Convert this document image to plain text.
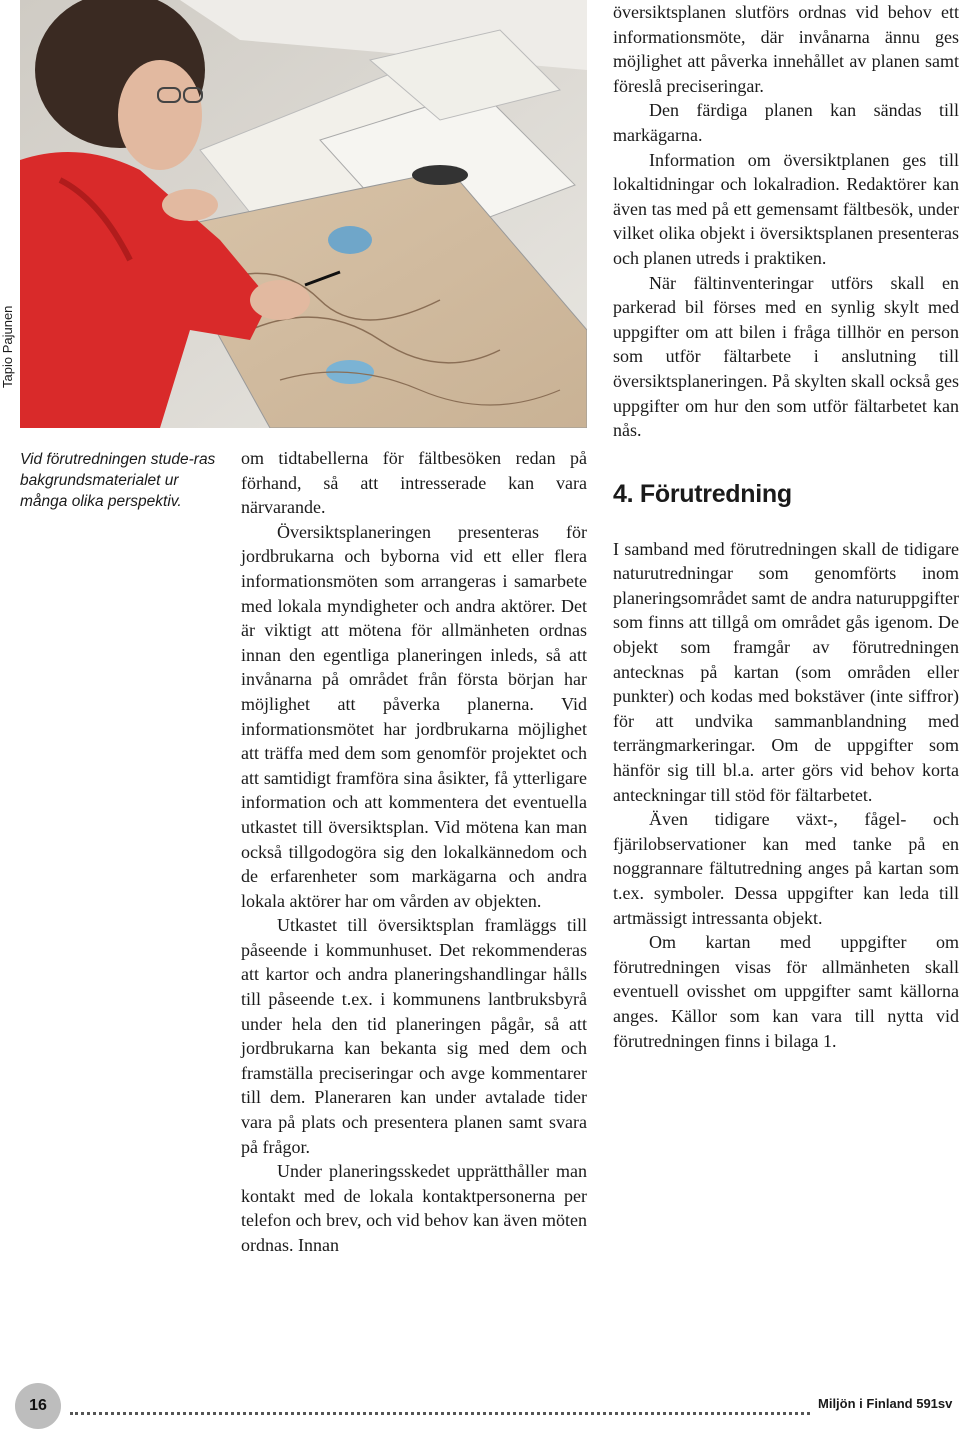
Tapio Pajunen
Vid förutredningen stude-ras bakgrundsmaterialet ur många olika perspektiv.

om tidtabellerna för fältbesöken redan på förhand, så att intresserade kan vara närvarande.

Översiktsplaneringen presenteras för jordbrukarna och byborna vid ett eller flera informationsmöten som arrangeras i samarbete med lokala myndigheter och andra aktörer. Det är viktigt att mötena för allmänheten ordnas innan den egentliga planeringen inleds, så att invånarna på området från första början har möjlighet att påverka planerna. Vid informationsmötet har jordbrukarna möjlighet att träffa med dem som genomför projektet och att samtidigt framföra sina åsikter, få ytterligare information och att kommentera det eventuella utkastet till översiktsplan. Vid mötena kan man också tillgodogöra sig den lokalkännedom och de erfarenheter som markägarna och andra lokala aktörer har om vården av objekten.

Utkastet till översiktsplan framläggs till påseende i kommunhuset. Det rekommenderas att kartor och andra planeringshandlingar hålls till påseende t.ex. i kommunens lantbruksbyrå under hela den tid planeringen pågår, så att jordbrukarna kan bekanta sig med dem och framställa preciseringar och avge kommentarer till dem. Planeraren kan under avtalade tider vara på plats och presentera planen samt svara på frågor.

Under planeringsskedet upprätthåller man kontakt med de lokala kontaktpersonerna per telefon och brev, och vid behov kan även möten ordnas. Innan

översiktsplanen slutförs ordnas vid behov ett informationsmöte, där invånarna ännu ges möjlighet att påverka innehållet av planen samt föreslå preciseringar.

Den färdiga planen kan sändas till markägarna.

Information om översiktplanen ges till lokaltidningar och lokalradion. Redaktörer kan även tas med på ett gemensamt fältbesök, under vilket olika objekt i översiktsplanen presenteras och planen utreds i praktiken.

När fältinventeringar utförs skall en parkerad bil förses med en synlig skylt med uppgifter om att bilen i fråga tillhör en person som utför fältarbete i anslutning till översiktsplaneringen. På skylten skall också ges uppgifter om hur den som utför fältarbetet kan nås.

4. Förutredning

I samband med förutredningen skall de tidigare naturutredningar som genomförts inom planeringsområdet samt de andra naturuppgifter som finns att tillgå om området gås igenom. De objekt som framgår av förutredningen antecknas på kartan (som områden eller punkter) och kodas med bokstäver (inte siffror) för att undvika sammanblandning med terrängmarkeringar. Om de uppgifter som hänför sig till bl.a. arter görs vid behov korta anteckningar till stöd för fältarbetet.

Även tidigare växt-, fågel- och fjärilobservationer kan med tanke på en noggrannare fältutredning anges på kartan som t.ex. symboler. Dessa uppgifter kan leda till artmässigt intressanta objekt.

Om kartan med uppgifter om förutredningen visas för allmänheten skall eventuell ovisshet om uppgifter samt källorna anges. Källor som kan vara till nytta vid förutredningen finns i bilaga 1.

16	Miljön i Finland 591sv
